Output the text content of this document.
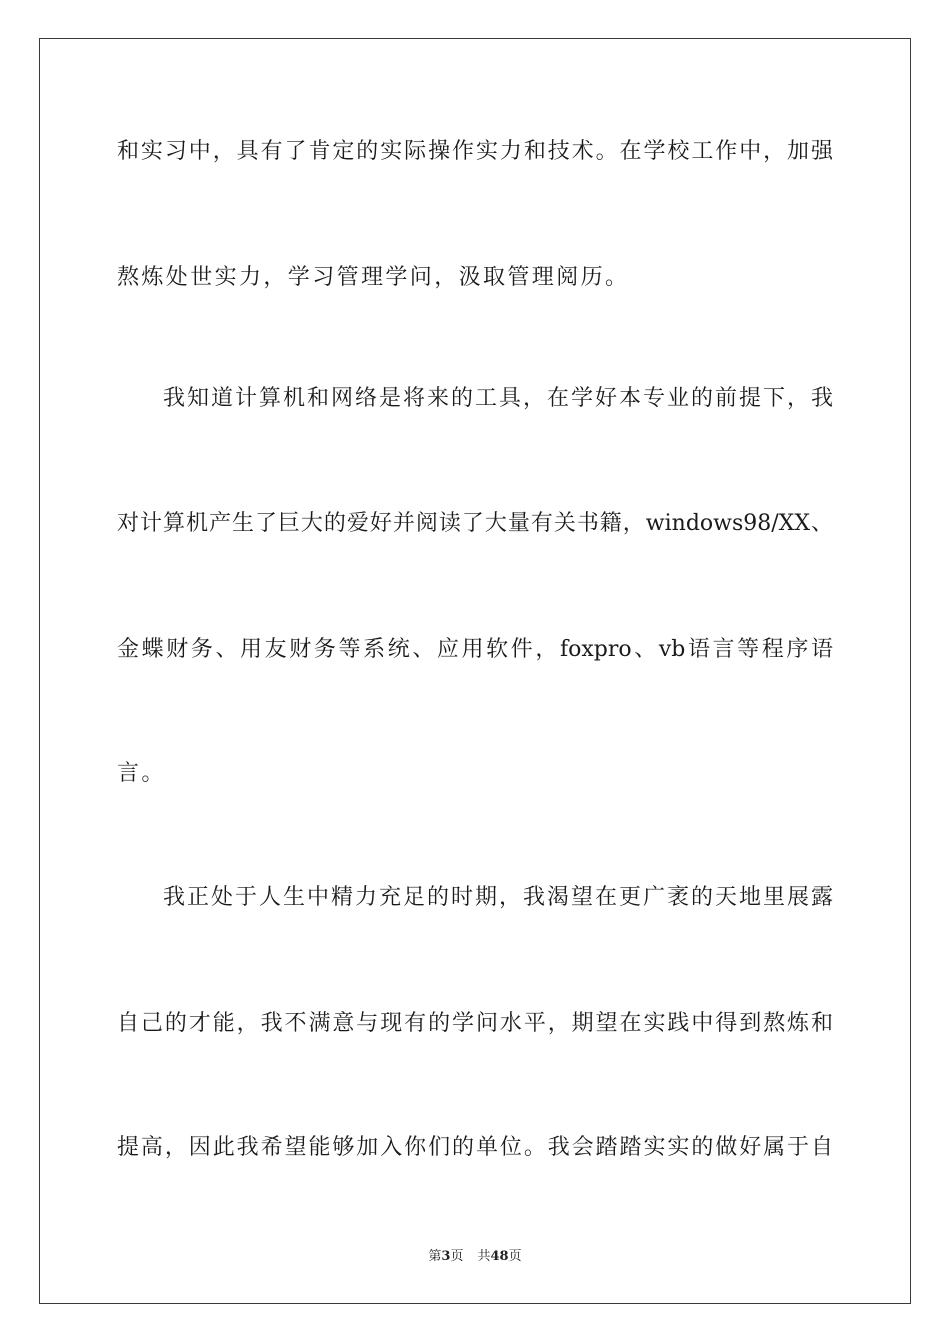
和实习中，具有了肯定的实际操作实力和技术。在学校工作中，加强
熬炼处世实力，学习管理学问，汲取管理阅历。
我知道计算机和网络是将来的工具，在学好本专业的前提下，我
对计算机产生了巨大的爱好并阅读了大量有关书籍，windows98/XX、
金蝶财务、用友财务等系统、应用软件，foxpro、vb语言等程序语
言。
我正处于人生中精力充足的时期，我渴望在更广袤的天地里展露
自己的才能，我不满意与现有的学问水平，期望在实践中得到熬炼和
提高，因此我希望能够加入你们的单位。我会踏踏实实的做好属于自
第3页 共48页
